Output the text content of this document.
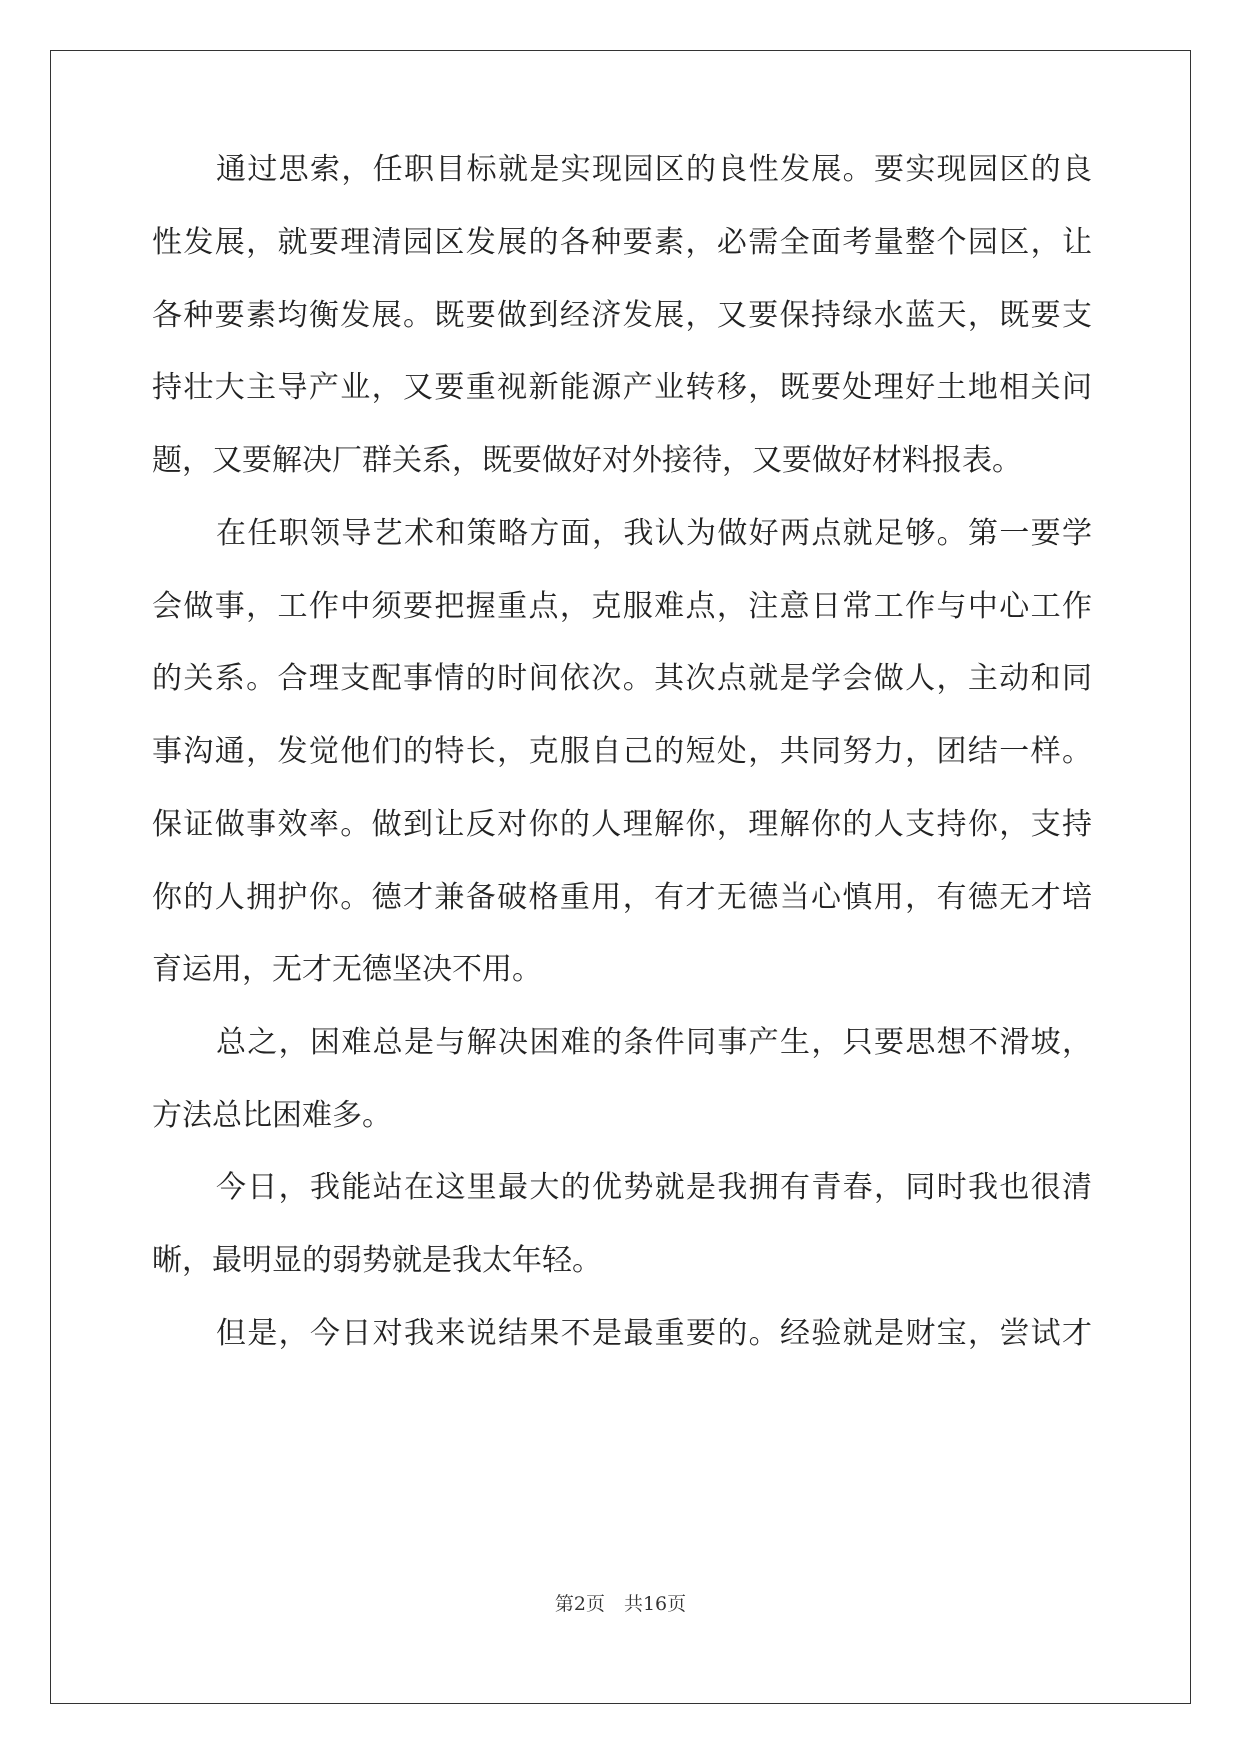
通过思索，任职目标就是实现园区的良性发展。要实现园区的良
性发展，就要理清园区发展的各种要素，必需全面考量整个园区，让
各种要素均衡发展。既要做到经济发展，又要保持绿水蓝天，既要支
持壮大主导产业，又要重视新能源产业转移，既要处理好土地相关问
题，又要解决厂群关系，既要做好对外接待，又要做好材料报表。
在任职领导艺术和策略方面，我认为做好两点就足够。第一要学
会做事，工作中须要把握重点，克服难点，注意日常工作与中心工作
的关系。合理支配事情的时间依次。其次点就是学会做人，主动和同
事沟通，发觉他们的特长，克服自己的短处，共同努力，团结一样。
保证做事效率。做到让反对你的人理解你，理解你的人支持你，支持
你的人拥护你。德才兼备破格重用，有才无德当心慎用，有德无才培
育运用，无才无德坚决不用。
总之，困难总是与解决困难的条件同事产生，只要思想不滑坡，
方法总比困难多。
今日，我能站在这里最大的优势就是我拥有青春，同时我也很清
晰，最明显的弱势就是我太年轻。
但是，今日对我来说结果不是最重要的。经验就是财宝，尝试才
第2页　共16页
